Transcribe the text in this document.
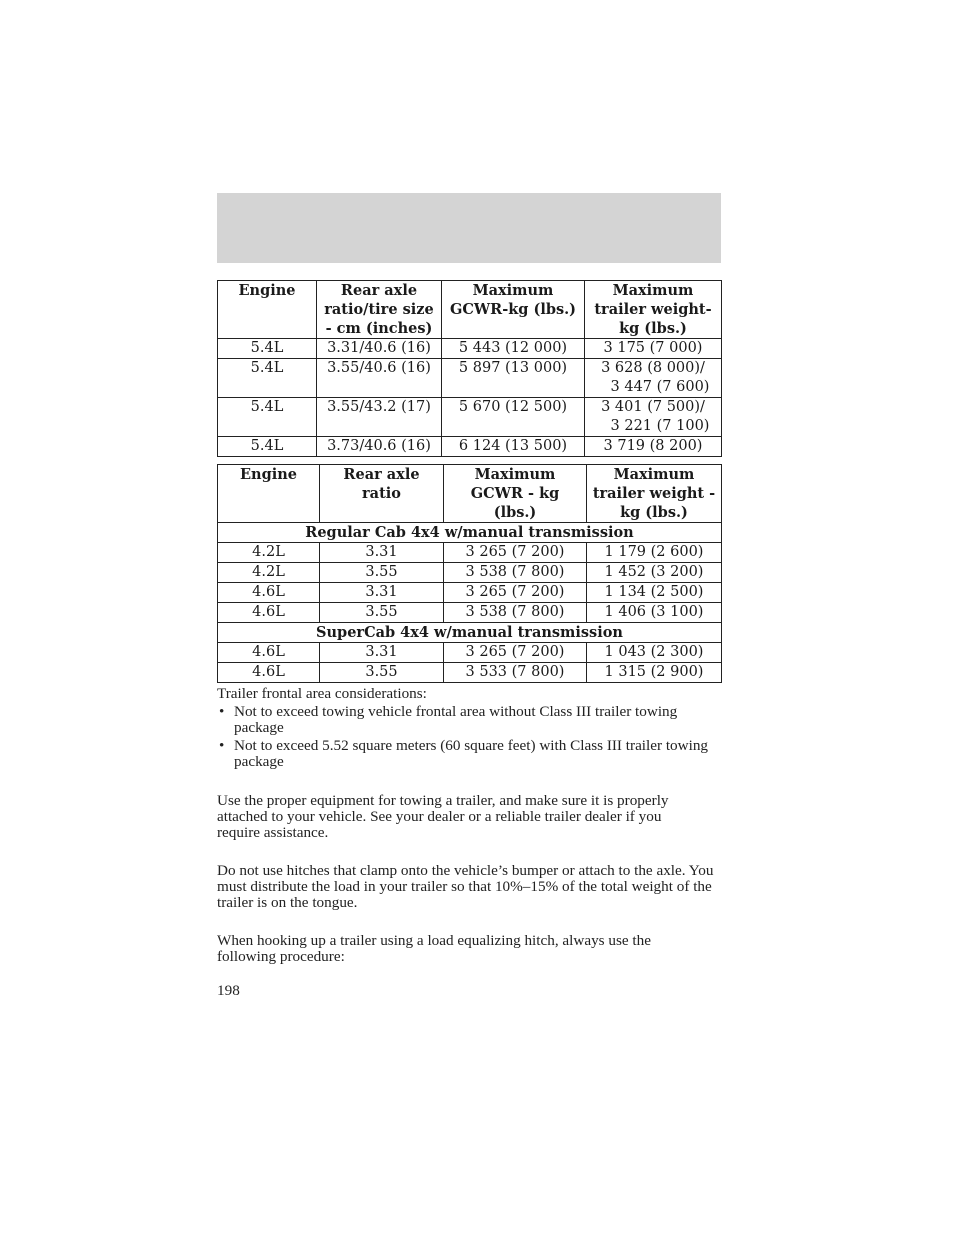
Engine	Rear axle ratio/tire size - cm (inches)	Maximum GCWR-kg (lbs.)	Maximum trailer weight-kg (lbs.)
5.4L	3.31/40.6 (16)	5 443 (12 000)	3 175 (7 000)
5.4L	3.55/40.6 (16)	5 897 (13 000)	3 628 (8 000)/
3 447 (7 600)

5.4L	3.55/43.2 (17)	5 670 (12 500)	3 401 (7 500)/
3 221 (7 100)

5.4L	3.73/40.6 (16)	6 124 (13 500)	3 719 (8 200)
Engine	Rear axle ratio	Maximum GCWR - kg (lbs.)	Maximum trailer weight - kg (lbs.)
Regular Cab 4x4 w/manual transmission			
4.2L	3.31	3 265 (7 200)	1 179 (2 600)
4.2L	3.55	3 538 (7 800)	1 452 (3 200)
4.6L	3.31	3 265 (7 200)	1 134 (2 500)
4.6L	3.55	3 538 (7 800)	1 406 (3 100)
SuperCab 4x4 w/manual transmission			
4.6L	3.31	3 265 (7 200)	1 043 (2 300)
4.6L	3.55	3 533 (7 800)	1 315 (2 900)
Trailer frontal area considerations:
• Not to exceed towing vehicle frontal area without Class III trailer towing package
• Not to exceed 5.52 square meters (60 square feet) with Class III trailer towing package
Use the proper equipment for towing a trailer, and make sure it is properly attached to your vehicle. See your dealer or a reliable trailer dealer if you require assistance.
Do not use hitches that clamp onto the vehicle’s bumper or attach to the axle. You must distribute the load in your trailer so that 10%–15% of the total weight of the trailer is on the tongue.
When hooking up a trailer using a load equalizing hitch, always use the following procedure:
198
